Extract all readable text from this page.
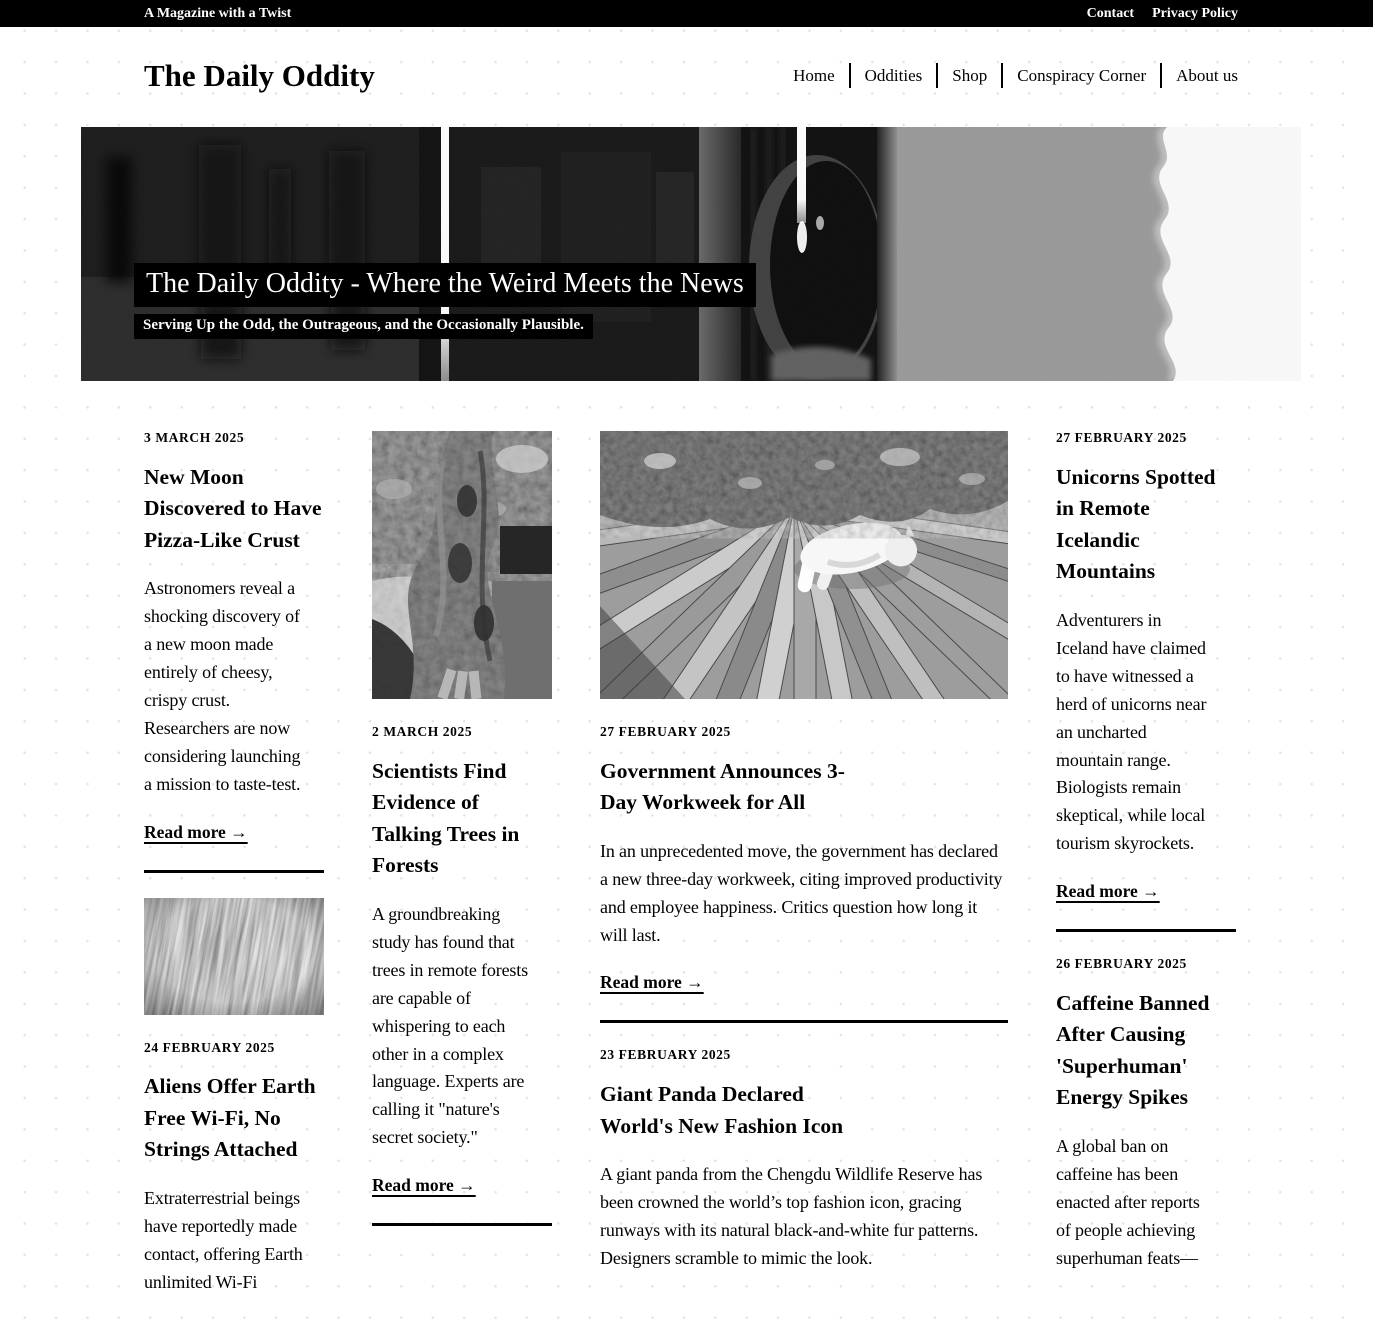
A Magazine with a Twist	Contact Privacy Policy
The Daily Oddity	Home Oddities Shop Conspiracy Corner About us
The Daily Oddity - Where the Weird Meets the News

Serving Up the Odd, the Outrageous, and the Occasionally Plausible.

3 MARCH 2025
New Moon Discovered to Have Pizza-Like Crust

Astronomers reveal a shocking discovery of a new moon made entirely of cheesy, crispy crust. Researchers are now considering launching a mission to taste-test.

Read more →
24 FEBRUARY 2025
Aliens Offer Earth Free Wi-Fi, No Strings Attached

Extraterrestrial beings have reportedly made contact, offering Earth unlimited Wi-Fi

2 MARCH 2025
Scientists Find Evidence of Talking Trees in Forests

A groundbreaking study has found that trees in remote forests are capable of whispering to each other in a complex language. Experts are calling it "nature's secret society."

Read more →
27 FEBRUARY 2025
Government Announces 3-Day Workweek for All

In an unprecedented move, the government has declared a new three-day workweek, citing improved productivity and employee happiness. Critics question how long it will last.

Read more →
23 FEBRUARY 2025
Giant Panda Declared World's New Fashion Icon

A giant panda from the Chengdu Wildlife Reserve has been crowned the world’s top fashion icon, gracing runways with its natural black-and-white fur patterns. Designers scramble to mimic the look.

27 FEBRUARY 2025
Unicorns Spotted in Remote Icelandic Mountains

Adventurers in Iceland have claimed to have witnessed a herd of unicorns near an uncharted mountain range. Biologists remain skeptical, while local tourism skyrockets.

Read more →
26 FEBRUARY 2025
Caffeine Banned After Causing 'Superhuman' Energy Spikes

A global ban on caffeine has been enacted after reports of people achieving superhuman feats—
